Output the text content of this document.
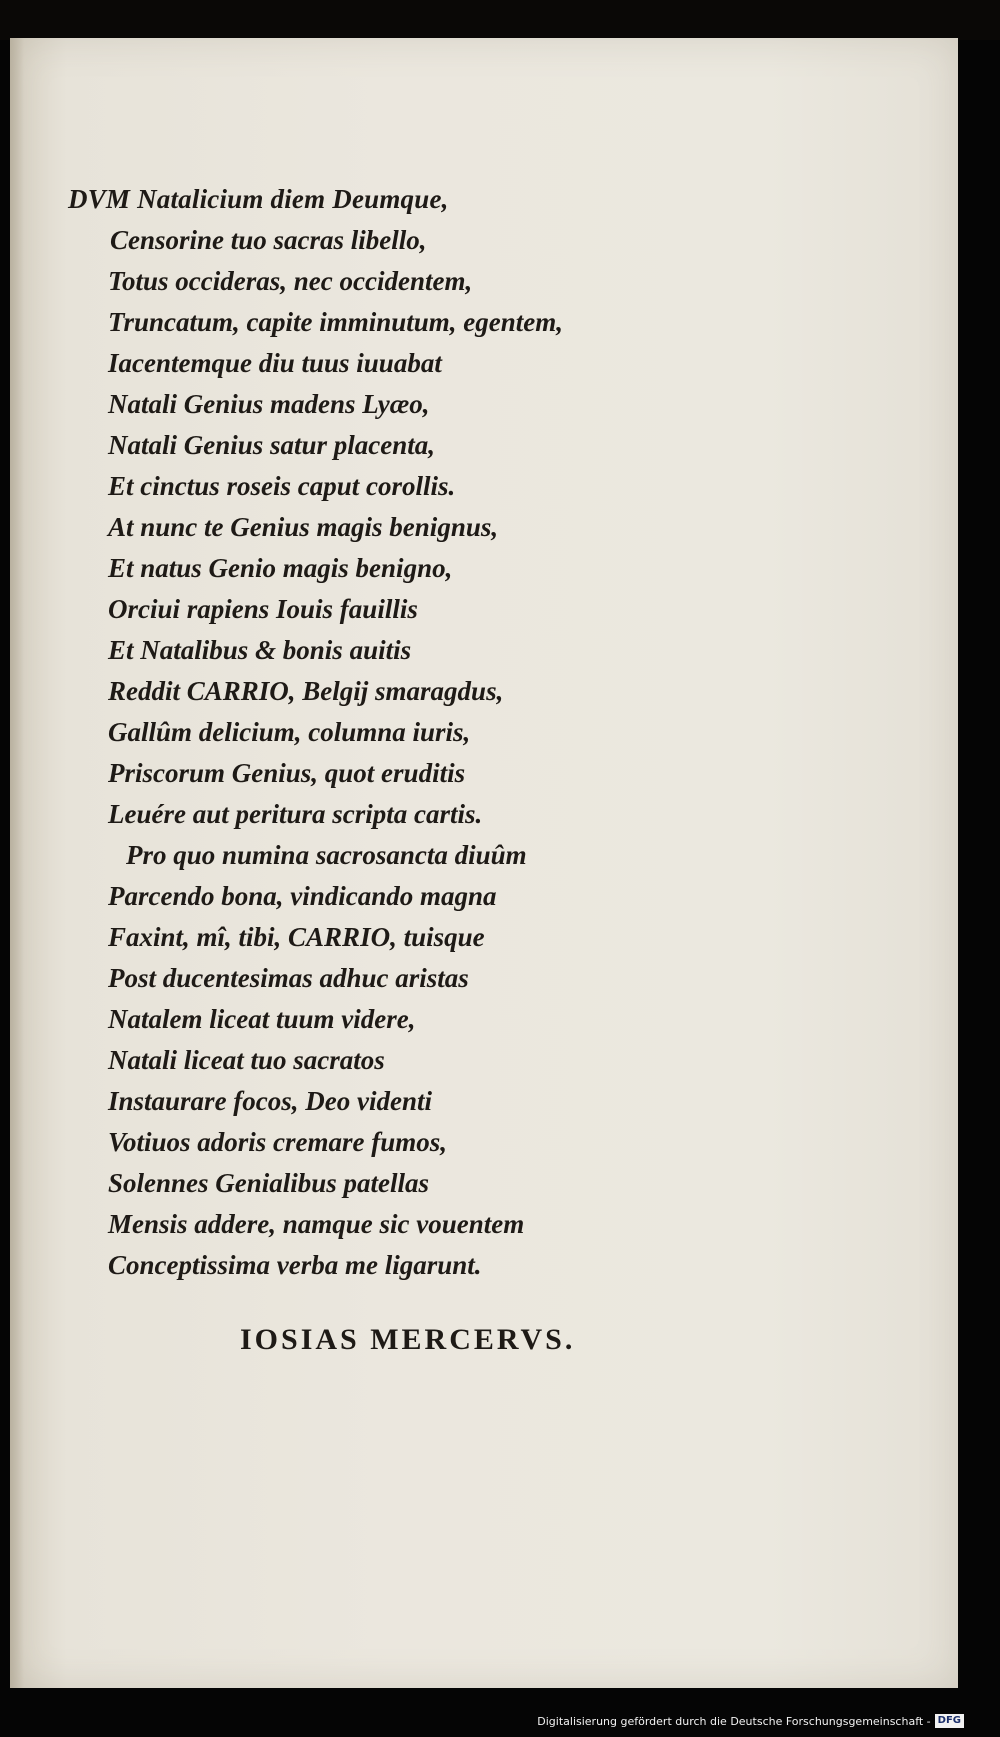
DVM Natalicium diem Deumque,
Censorine tuo sacras libello,
Totus occideras, nec occidentem,
Truncatum, capite imminutum, egentem,
Iacentemque diu tuus iuuabat
Natali Genius madens Lyæo,
Natali Genius satur placenta,
Et cinctus roseis caput corollis.
At nunc te Genius magis benignus,
Et natus Genio magis benigno,
Orciui rapiens Iouis fauillis
Et Natalibus & bonis auitis
Reddit CARRIO, Belgij smaragdus,
Gallûm delicium, columna iuris,
Priscorum Genius, quot eruditis
Leuére aut peritura scripta cartis.
Pro quo numina sacrosancta diuûm
Parcendo bona, vindicando magna
Faxint, mî, tibi, CARRIO, tuisque
Post ducentesimas adhuc aristas
Natalem liceat tuum videre,
Natali liceat tuo sacratos
Instaurare focos, Deo videnti
Votiuos adoris cremare fumos,
Solennes Genialibus patellas
Mensis addere, namque sic vouentem
Conceptissima verba me ligarunt.
IOSIAS MERCERVS.
Digitalisierung gefördert durch die Deutsche Forschungsgemeinschaft - DFG
